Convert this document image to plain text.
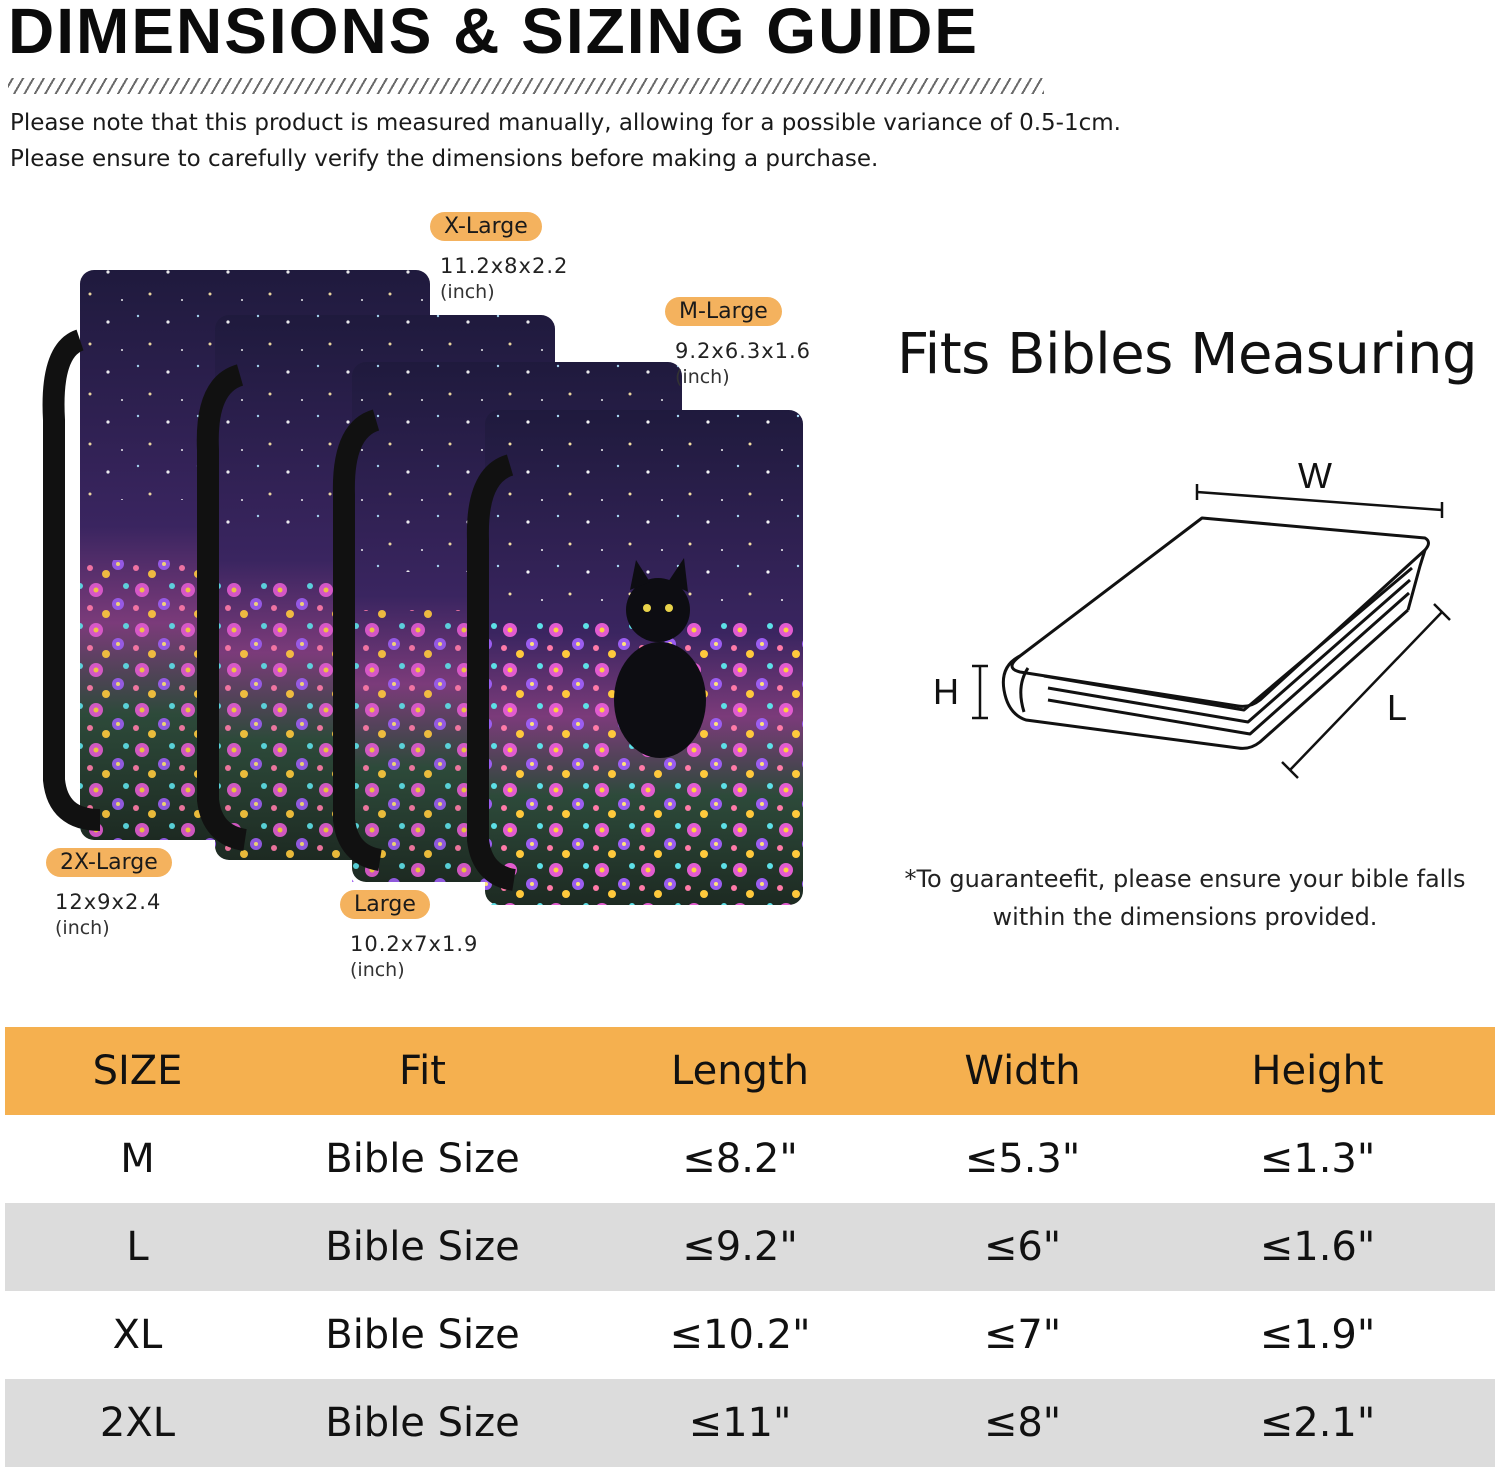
DIMENSIONS & SIZING GUIDE
Please note that this product is measured manually, allowing for a possible variance of 0.5-1cm.
Please ensure to carefully verify the dimensions before making a purchase.
X-Large
11.2x8x2.2
(inch)
M-Large
9.2x6.3x1.6
(inch)
2X-Large
12x9x2.4
(inch)
Large
10.2x7x1.9
(inch)
Fits Bibles Measuring
W
H	L
*To guaranteefit, please ensure your bible falls within the dimensions provided.
SIZE	Fit	Length	Width	Height
M	Bible Size	≤8.2"	≤5.3"	≤1.3"
L	Bible Size	≤9.2"	≤6"	≤1.6"
XL	Bible Size	≤10.2"	≤7"	≤1.9"
2XL	Bible Size	≤11"	≤8"	≤2.1"
